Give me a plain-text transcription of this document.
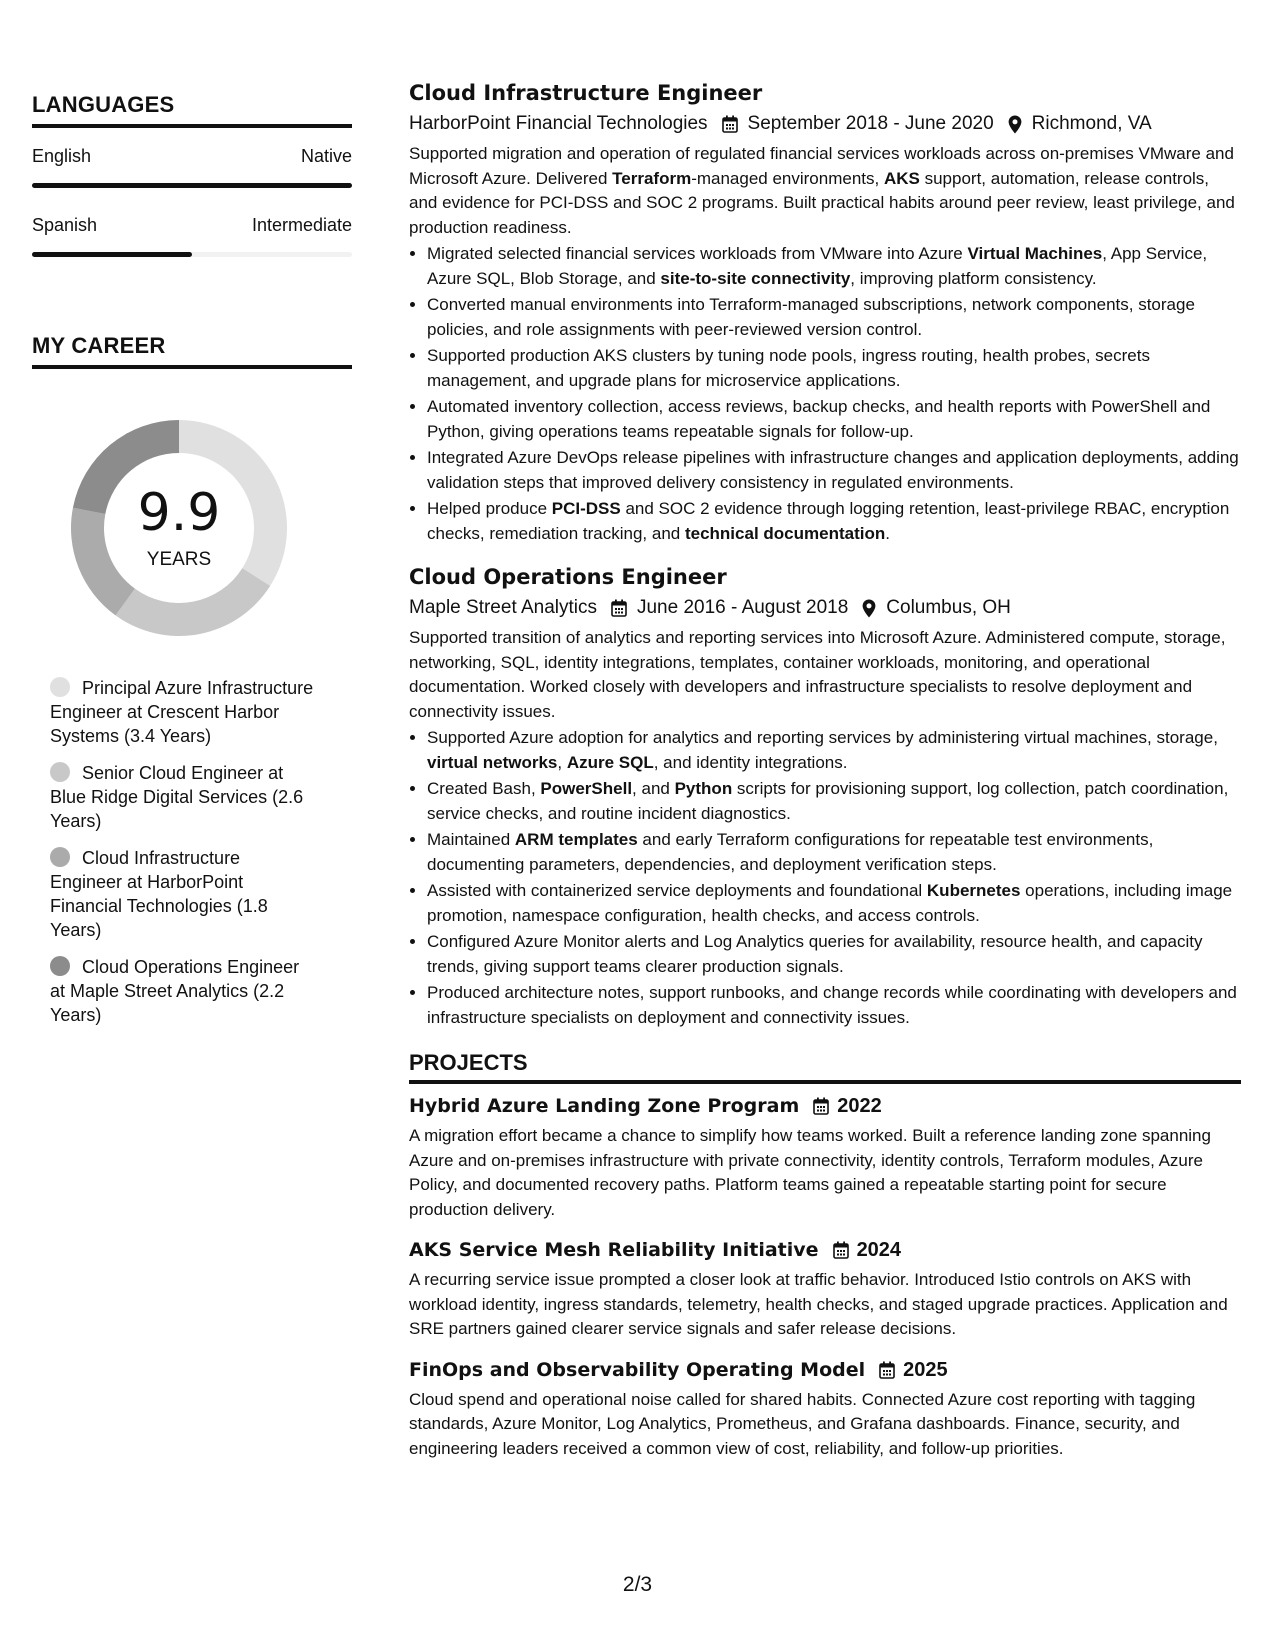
LANGUAGES
English	Native
Spanish	Intermediate
MY CAREER
9.9
YEARS
Principal Azure Infrastructure Engineer at Crescent Harbor Systems (3.4 Years)
Senior Cloud Engineer at Blue Ridge Digital Services (2.6 Years)
Cloud Infrastructure Engineer at HarborPoint Financial Technologies (1.8 Years)
Cloud Operations Engineer at Maple Street Analytics (2.2 Years)
Cloud Infrastructure Engineer
HarborPoint Financial Technologies September 2018 - June 2020 Richmond, VA

Supported migration and operation of regulated financial services workloads across on-premises VMware and Microsoft Azure. Delivered Terraform-managed environments, AKS support, automation, release controls, and evidence for PCI-DSS and SOC 2 programs. Built practical habits around peer review, least privilege, and production readiness.

• Migrated selected financial services workloads from VMware into Azure Virtual Machines, App Service, Azure SQL, Blob Storage, and site-to-site connectivity, improving platform consistency.
• Converted manual environments into Terraform-managed subscriptions, network components, storage policies, and role assignments with peer-reviewed version control.
• Supported production AKS clusters by tuning node pools, ingress routing, health probes, secrets management, and upgrade plans for microservice applications.
• Automated inventory collection, access reviews, backup checks, and health reports with PowerShell and Python, giving operations teams repeatable signals for follow-up.
• Integrated Azure DevOps release pipelines with infrastructure changes and application deployments, adding validation steps that improved delivery consistency in regulated environments.
• Helped produce PCI-DSS and SOC 2 evidence through logging retention, least-privilege RBAC, encryption checks, remediation tracking, and technical documentation.
Cloud Operations Engineer
Maple Street Analytics June 2016 - August 2018 Columbus, OH

Supported transition of analytics and reporting services into Microsoft Azure. Administered compute, storage, networking, SQL, identity integrations, templates, container workloads, monitoring, and operational documentation. Worked closely with developers and infrastructure specialists to resolve deployment and connectivity issues.

• Supported Azure adoption for analytics and reporting services by administering virtual machines, storage, virtual networks, Azure SQL, and identity integrations.
• Created Bash, PowerShell, and Python scripts for provisioning support, log collection, patch coordination, service checks, and routine incident diagnostics.
• Maintained ARM templates and early Terraform configurations for repeatable test environments, documenting parameters, dependencies, and deployment verification steps.
• Assisted with containerized service deployments and foundational Kubernetes operations, including image promotion, namespace configuration, health checks, and access controls.
• Configured Azure Monitor alerts and Log Analytics queries for availability, resource health, and capacity trends, giving support teams clearer production signals.
• Produced architecture notes, support runbooks, and change records while coordinating with developers and infrastructure specialists on deployment and connectivity issues.
PROJECTS
Hybrid Azure Landing Zone Program 2022
A migration effort became a chance to simplify how teams worked. Built a reference landing zone spanning Azure and on-premises infrastructure with private connectivity, identity controls, Terraform modules, Azure Policy, and documented recovery paths. Platform teams gained a repeatable starting point for secure production delivery.
AKS Service Mesh Reliability Initiative 2024
A recurring service issue prompted a closer look at traffic behavior. Introduced Istio controls on AKS with workload identity, ingress standards, telemetry, health checks, and staged upgrade practices. Application and SRE partners gained clearer service signals and safer release decisions.
FinOps and Observability Operating Model 2025
Cloud spend and operational noise called for shared habits. Connected Azure cost reporting with tagging standards, Azure Monitor, Log Analytics, Prometheus, and Grafana dashboards. Finance, security, and engineering leaders received a common view of cost, reliability, and follow-up priorities.
2/3
